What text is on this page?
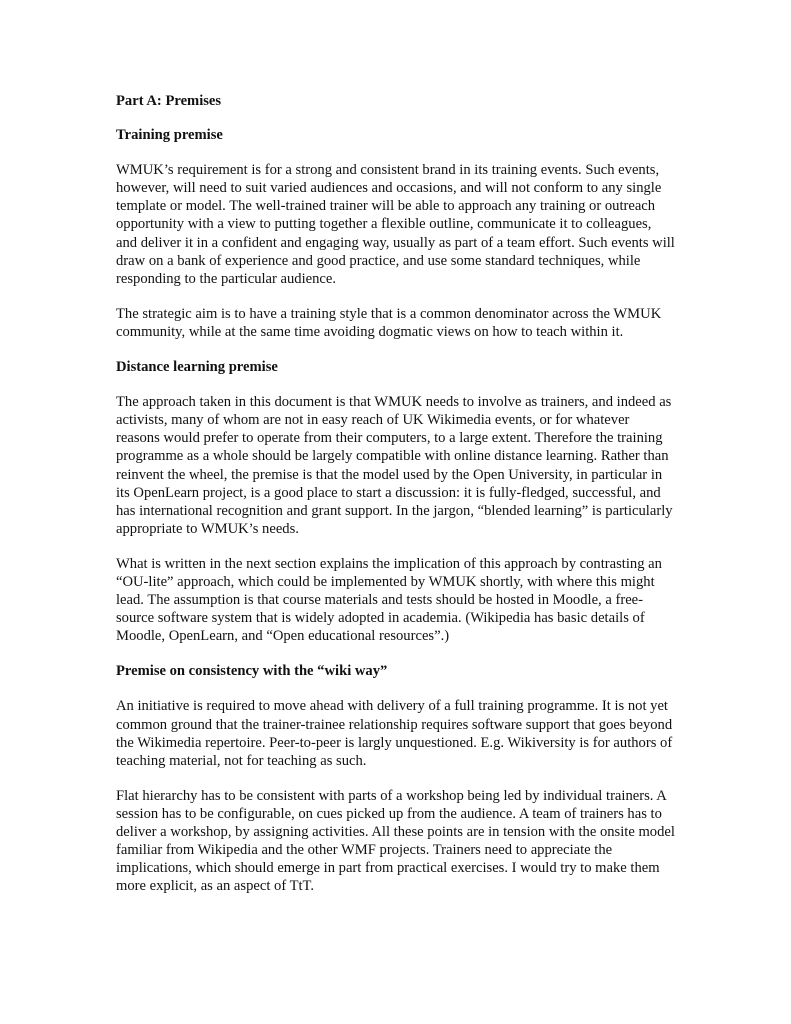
Part A: Premises
Training premise

WMUK’s requirement is for a strong and consistent brand in its training events. Such events, however, will need to suit varied audiences and occasions, and will not conform to any single template or model. The well-trained trainer will be able to approach any training or outreach opportunity with a view to putting together a flexible outline, communicate it to colleagues, and deliver it in a confident and engaging way, usually as part of a team effort. Such events will draw on a bank of experience and good practice, and use some standard techniques, while responding to the particular audience.

The strategic aim is to have a training style that is a common denominator across the WMUK community, while at the same time avoiding dogmatic views on how to teach within it.

Distance learning premise

The approach taken in this document is that WMUK needs to involve as trainers, and indeed as activists, many of whom are not in easy reach of UK Wikimedia events, or for whatever reasons would prefer to operate from their computers, to a large extent. Therefore the training programme as a whole should be largely compatible with online distance learning. Rather than reinvent the wheel, the premise is that the model used by the Open University, in particular in its OpenLearn project, is a good place to start a discussion: it is fully-fledged, successful, and has international recognition and grant support. In the jargon, “blended learning” is particularly appropriate to WMUK’s needs.

What is written in the next section explains the implication of this approach by contrasting an “OU-lite” approach, which could be implemented by WMUK shortly, with where this might lead. The assumption is that course materials and tests should be hosted in Moodle, a free-source software system that is widely adopted in academia. (Wikipedia has basic details of Moodle, OpenLearn, and “Open educational resources”.)

Premise on consistency with the “wiki way”

An initiative is required to move ahead with delivery of a full training programme. It is not yet common ground that the trainer-trainee relationship requires software support that goes beyond the Wikimedia repertoire. Peer-to-peer is largly unquestioned. E.g. Wikiversity is for authors of teaching material, not for teaching as such.

Flat hierarchy has to be consistent with parts of a workshop being led by individual trainers. A session has to be configurable, on cues picked up from the audience. A team of trainers has to deliver a workshop, by assigning activities. All these points are in tension with the onsite model familiar from Wikipedia and the other WMF projects. Trainers need to appreciate the implications, which should emerge in part from practical exercises. I would try to make them more explicit, as an aspect of TtT.
